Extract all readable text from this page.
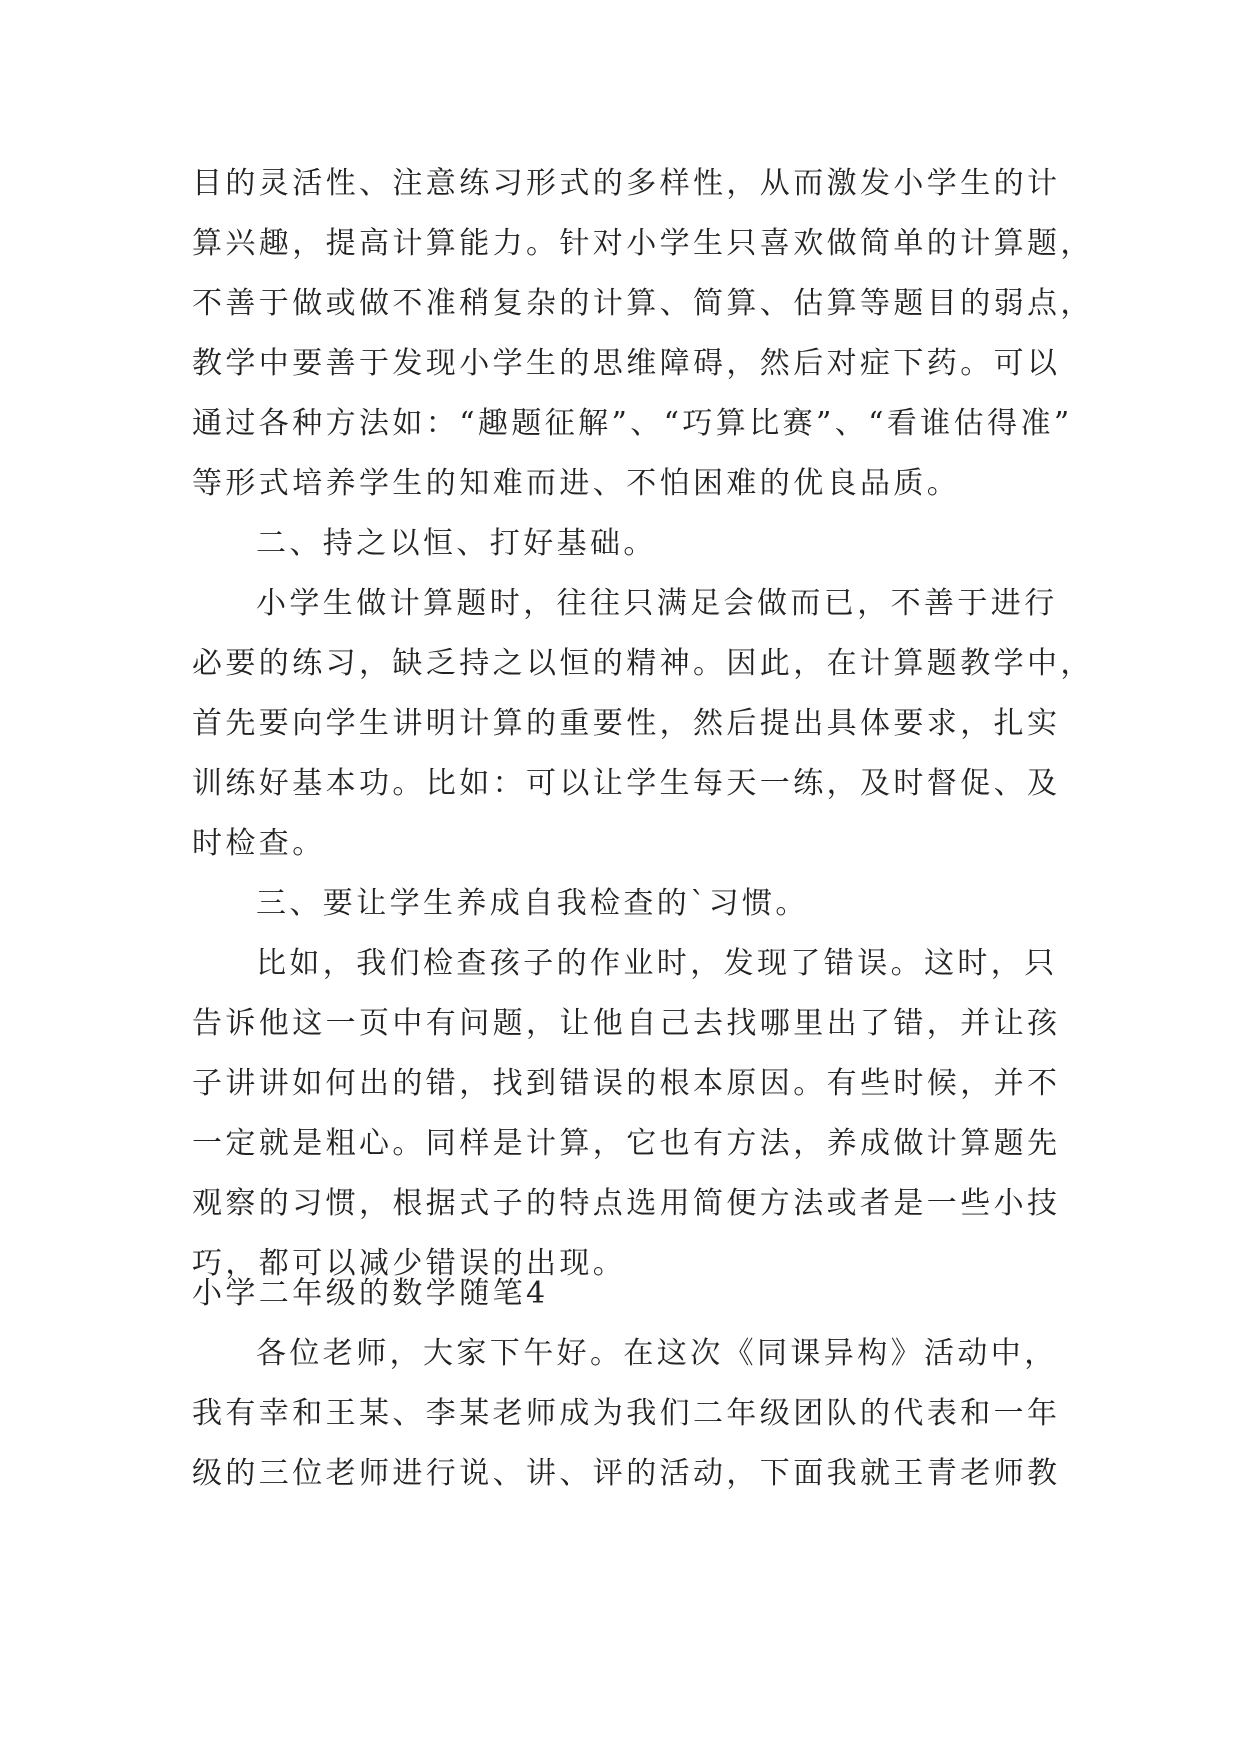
目的灵活性、注意练习形式的多样性，从而激发小学生的计
算兴趣，提高计算能力。针对小学生只喜欢做简单的计算题，
不善于做或做不准稍复杂的计算、简算、估算等题目的弱点，
教学中要善于发现小学生的思维障碍，然后对症下药。可以
通过各种方法如：“趣题征解”、“巧算比赛”、“看谁估得准”
等形式培养学生的知难而进、不怕困难的优良品质。
二、持之以恒、打好基础。
小学生做计算题时，往往只满足会做而已，不善于进行
必要的练习，缺乏持之以恒的精神。因此，在计算题教学中，
首先要向学生讲明计算的重要性，然后提出具体要求，扎实
训练好基本功。比如：可以让学生每天一练，及时督促、及
时检查。
三、要让学生养成自我检查的`习惯。
比如，我们检查孩子的作业时，发现了错误。这时，只
告诉他这一页中有问题，让他自己去找哪里出了错，并让孩
子讲讲如何出的错，找到错误的根本原因。有些时候，并不
一定就是粗心。同样是计算，它也有方法，养成做计算题先
观察的习惯，根据式子的特点选用简便方法或者是一些小技
巧，都可以减少错误的出现。
小学二年级的数学随笔4
各位老师，大家下午好。在这次《同课异构》活动中，
我有幸和王某、李某老师成为我们二年级团队的代表和一年
级的三位老师进行说、讲、评的活动，下面我就王青老师教
